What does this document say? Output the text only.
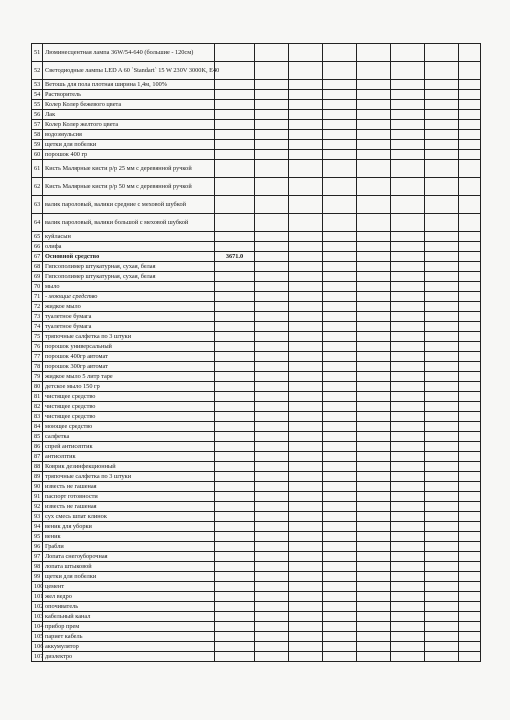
51	Люминесцентная лампа 36W/54-640 (большие - 120см)								
52	Светодиодные лампы LED A 60 `Standart` 15 W 230V 3000K, E40								
53	Ветошь для пола плотная ширина 1,4м, 100%								
54	Растворитель								
55	Колер Колер бежевого цвета								
56	Лак								
57	Колер Колер желтого цвета								
58	водоэмульсия								
59	щетки для побелки								
60	порошок 400 гр								
61	Кисть Малярные кисти р/р 25 мм с деревянной ручкой								
62	Кисть Малярные кисти р/р 50 мм с деревянной ручкой								
63	валик пароловый, валики средние с меховой шубкой								
64	валик пароловый, валики большой с меховой шубкой								
65	куйласын								
66	олифа								
67	Основной средство	3671.0							
68	Гипсополимер штукатурная, сухая, белая								
69	Гипсополимер штукатурная, сухая, белая								
70	мыло								
71	- моющие средство								
72	жидкое мыло								
73	туалетное бумага								
74	туалетное бумага								
75	тряпочные салфетка по 3 штуки								
76	порошок универсальный								
77	порошок 400гр автомат								
78	порошок 300гр автомат								
79	жидкое мыло 5 литр таре								
80	детское мыло 150 гр								
81	чистящее средство								
82	чистящее средство								
83	чистящее средство								
84	моющее средство								
85	салфетка								
86	спрей антисептик								
87	антисептик								
88	Коврик дезинфекционный								
89	тряпочные салфетка по 3 штуки								
90	известь не гашеная								
91	паспорт готовности								
92	известь не гашеная								
93	сух смесь шпат клинок								
94	веник для уборки								
95	веник								
96	Грабли								
97	Лопата снегоуборочная								
98	лопата штыковой								
99	щетки для побелки								
100	цемент								
101	жел ведро								
102	опочиватель								
103	кабельный канал								
104	прибор прем								
105	париет кабель								
106	аккумулятор								
107	диэлектро								
